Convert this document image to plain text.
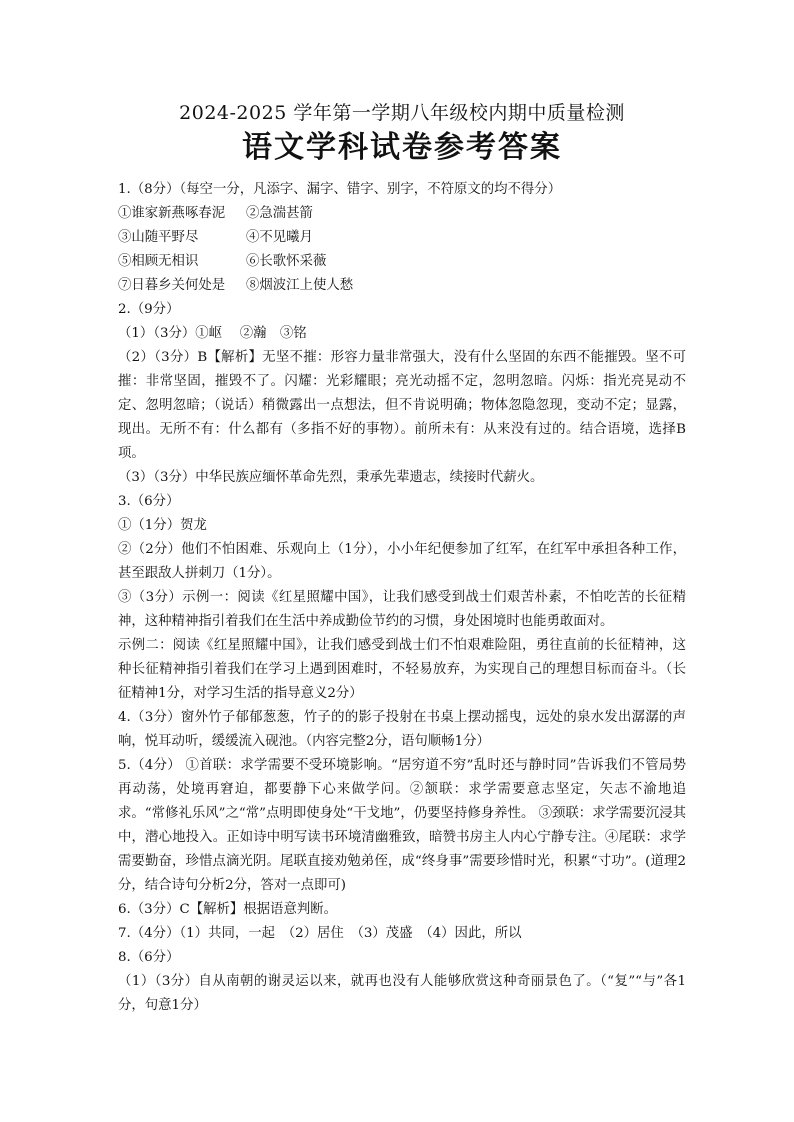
2024-2025 学年第一学期八年级校内期中质量检测
语文学科试卷参考答案

1.（8分）（每空一分，凡添字、漏字、错字、别字，不符原文的均不得分）

①谁家新燕啄春泥	②急湍甚箭
③山随平野尽	④不见曦月
⑤相顾无相识	⑥长歌怀采薇
⑦日暮乡关何处是	⑧烟波江上使人愁

2.（9分）

（1）（3分）①岖　 ②瀚　③铭

（2）（3分）B【解析】无坚不摧：形容力量非常强大，没有什么坚固的东西不能摧毁。坚不可摧：非常坚固，摧毁不了。闪耀：光彩耀眼；亮光动摇不定，忽明忽暗。闪烁：指光亮晃动不定、忽明忽暗；（说话）稍微露出一点想法，但不肯说明确；物体忽隐忽现，变动不定；显露，现出。无所不有：什么都有（多指不好的事物）。前所未有：从来没有过的。结合语境，选择B项。

（3）（3分）中华民族应缅怀革命先烈，秉承先辈遗志，续接时代薪火。

3.（6分）

①（1分）贺龙

②（2分）他们不怕困难、乐观向上（1分），小小年纪便参加了红军，在红军中承担各种工作，甚至跟敌人拼刺刀（1分）。

③（3分）示例一：阅读《红星照耀中国》，让我们感受到战士们艰苦朴素，不怕吃苦的长征精神，这种精神指引着我们在生活中养成勤俭节约的习惯，身处困境时也能勇敢面对。

示例二：阅读《红星照耀中国》，让我们感受到战士们不怕艰难险阻，勇往直前的长征精神，这种长征精神指引着我们在学习上遇到困难时，不轻易放弃，为实现自己的理想目标而奋斗。（长征精神1分，对学习生活的指导意义2分）

4.（3分）窗外竹子郁郁葱葱，竹子的的影子投射在书桌上摆动摇曳，远处的泉水发出潺潺的声响，悦耳动听，缓缓流入砚池。（内容完整2分，语句顺畅1分）

5.（4分） ①首联：求学需要不受环境影响。“居穷道不穷”乱时还与静时同”告诉我们不管局势再动荡，处境再窘迫，都要静下心来做学问。②颔联：求学需要意志坚定，矢志不渝地追求。“常修礼乐风”之“常”点明即使身处“干戈地”，仍要坚持修身养性。 ③颈联：求学需要沉浸其中，潜心地投入。正如诗中明写读书环境清幽雅致，暗赞书房主人内心宁静专注。④尾联：求学需要勤奋，珍惜点滴光阴。尾联直接劝勉弟侄，成“终身事”需要珍惜时光，积累“寸功”。(道理2分，结合诗句分析2分，答对一点即可)

6.（3分）C【解析】根据语意判断。

7.（4分）（1）共同，一起　（2）居住　（3）茂盛　（4）因此，所以

8.（6分）

（1）（3分）自从南朝的谢灵运以来，就再也没有人能够欣赏这种奇丽景色了。（“复”“与”各1分，句意1分）
